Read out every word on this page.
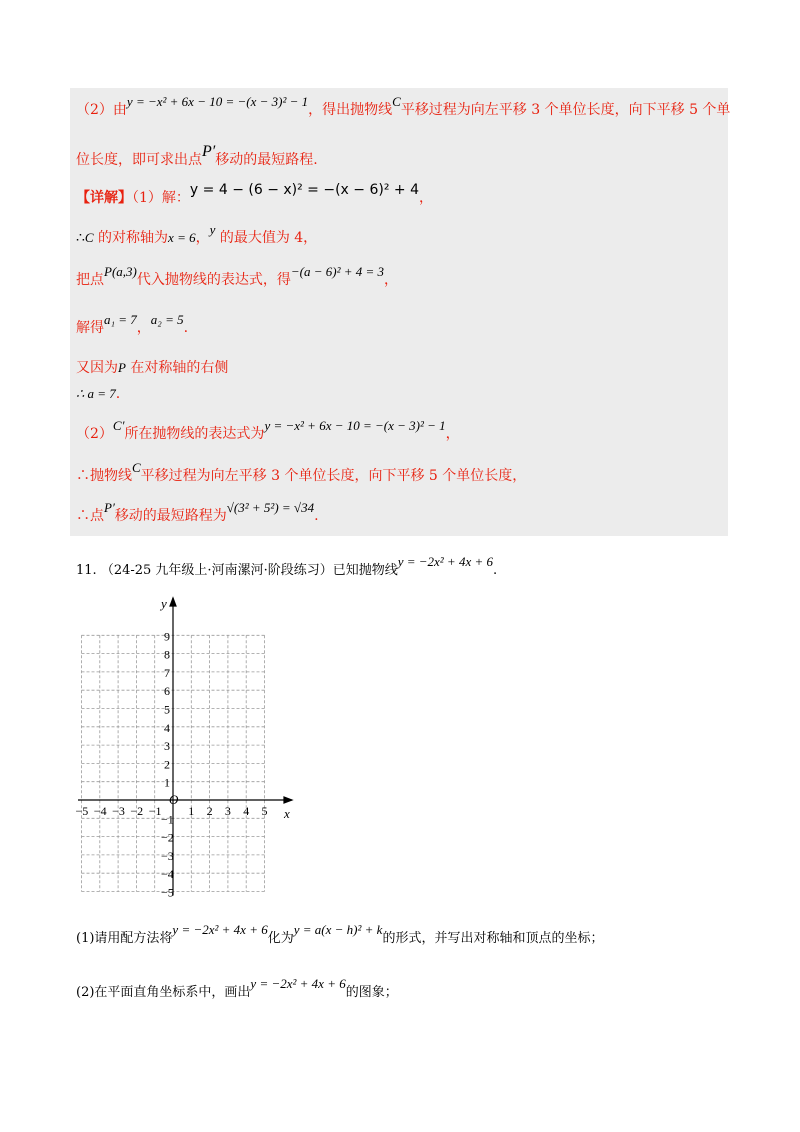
（2）由y = −x² + 6x − 10 = −(x − 3)² − 1，得出抛物线C平移过程为向左平移 3 个单位长度，向下平移 5 个单
位长度，即可求出点P′移动的最短路程.
【详解】（1）解：y = 4 − (6 − x)² = −(x − 6)² + 4，
∴C 的对称轴为x = 6，y 的最大值为 4，
把点P(a,3)代入抛物线的表达式，得−(a − 6)² + 4 = 3，
解得a₁ = 7，a₂ = 5.
又因为P 在对称轴的右侧
∴ a = 7.
（2）C′所在抛物线的表达式为y = −x² + 6x − 10 = −(x − 3)² − 1，
∴抛物线C平移过程为向左平移 3 个单位长度，向下平移 5 个单位长度，
∴点P′移动的最短路程为√(3² + 5²) = √34.
11. （24-25 九年级上·河南漯河·阶段练习）已知抛物线y = −2x² + 4x + 6.
x
y
O
−5 −4 −3 −2 −1 1 2 3 4 5
1
2
3
4
5
6
7
8
9
−1
−2
−3
−4
−5
(1)请用配方法将y = −2x² + 4x + 6化为y = a(x − h)² + k的形式，并写出对称轴和顶点的坐标；
(2)在平面直角坐标系中，画出y = −2x² + 4x + 6的图象；
